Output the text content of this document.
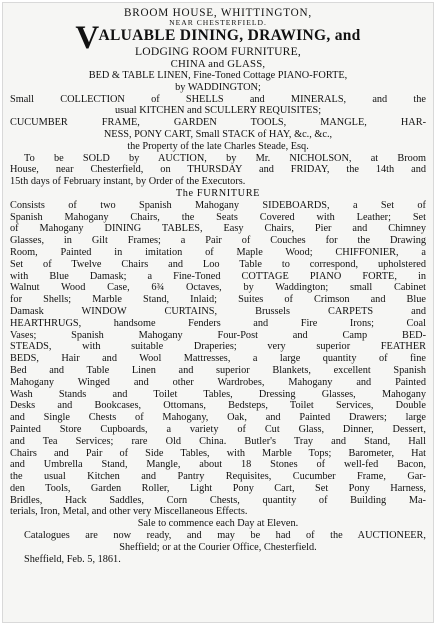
BROOM HOUSE, WHITTINGTON,
NEAR CHESTERFIELD.
VALUABLE DINING, DRAWING, and
LODGING ROOM FURNITURE,
CHINA and GLASS,
BED & TABLE LINEN, Fine-Toned Cottage PIANO-FORTE,
by WADDINGTON;
Small COLLECTION of SHELLS and MINERALS, and the
usual KITCHEN and SCULLERY REQUISITES;
CUCUMBER FRAME, GARDEN TOOLS, MANGLE, HAR-
NESS, PONY CART, Small STACK of HAY, &c., &c.,
the Property of the late Charles Steade, Esq.
To be SOLD by AUCTION, by Mr. NICHOLSON, at Broom
House, near Chesterfield, on THURSDAY and FRIDAY, the 14th and
15th days of February instant, by Order of the Executors.
The FURNITURE
Consists of two Spanish Mahogany SIDEBOARDS, a Set of
Spanish Mahogany Chairs, the Seats Covered with Leather; Set
of Mahogany DINING TABLES, Easy Chairs, Pier and Chimney
Glasses, in Gilt Frames; a Pair of Couches for the Drawing
Room, Painted in imitation of Maple Wood; CHIFFONIER, a
Set of Twelve Chairs and Loo Table to correspond, upholstered
with Blue Damask; a Fine-Toned COTTAGE PIANO FORTE, in
Walnut Wood Case, 6¾ Octaves, by Waddington; small Cabinet
for Shells; Marble Stand, Inlaid; Suites of Crimson and Blue
Damask WINDOW CURTAINS, Brussels CARPETS and
HEARTHRUGS, handsome Fenders and Fire Irons; Coal
Vases; Spanish Mahogany Four-Post and Camp BED-
STEADS, with suitable Draperies; very superior FEATHER
BEDS, Hair and Wool Mattresses, a large quantity of fine
Bed and Table Linen and superior Blankets, excellent Spanish
Mahogany Winged and other Wardrobes, Mahogany and Painted
Wash Stands and Toilet Tables, Dressing Glasses, Mahogany
Desks and Bookcases, Ottomans, Bedsteps, Toilet Services, Double
and Single Chests of Mahogany, Oak, and Painted Drawers; large
Painted Store Cupboards, a variety of Cut Glass, Dinner, Dessert,
and Tea Services; rare Old China. Butler's Tray and Stand, Hall
Chairs and Pair of Side Tables, with Marble Tops; Barometer, Hat
and Umbrella Stand, Mangle, about 18 Stones of well-fed Bacon,
the usual Kitchen and Pantry Requisites, Cucumber Frame, Gar-
den Tools, Garden Roller, Light Pony Cart, Set Pony Harness,
Bridles, Hack Saddles, Corn Chests, quantity of Building Ma-
terials, Iron, Metal, and other very Miscellaneous Effects.
Sale to commence each Day at Eleven.
Catalogues are now ready, and may be had of the AUCTIONEER,
Sheffield; or at the Courier Office, Chesterfield.
Sheffield, Feb. 5, 1861.
